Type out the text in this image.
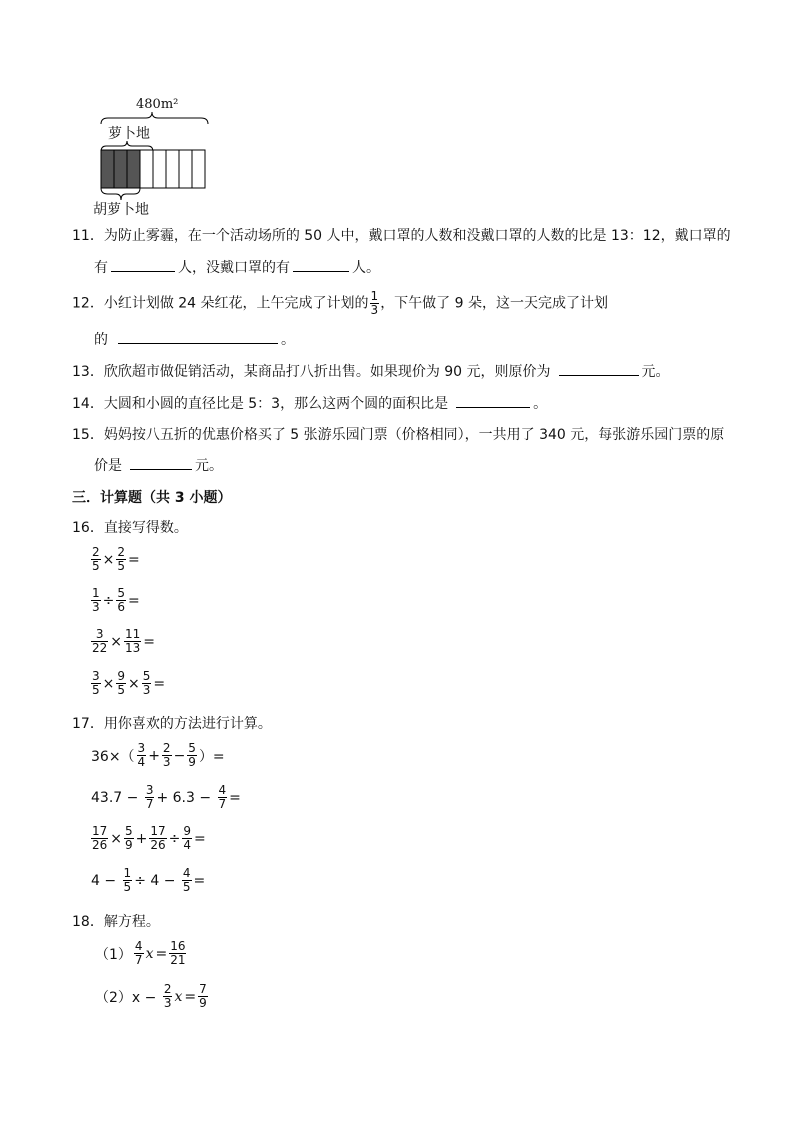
480m²
萝卜地
胡萝卜地
11．为防止雾霾，在一个活动场所的 50 人中，戴口罩的人数和没戴口罩的人数的比是 13：12，戴口罩的
有	人，没戴口罩的有	人。
12．小红计划做 24 朵红花，上午完成了计划的 $\frac{1}{3}$ ，下午做了 9 朵，这一天完成了计划
的	。
13．欣欣超市做促销活动，某商品打八折出售。如果现价为 90 元，则原价为	元。
14．大圆和小圆的直径比是 5：3，那么这两个圆的面积比是	。
15．妈妈按八五折的优惠价格买了 5 张游乐园门票（价格相同），一共用了 340 元，每张游乐园门票的原
价是	元。
三．计算题（共 3 小题）
16．直接写得数。
$\frac{2}{5} \times \frac{2}{5}$ =
$\frac{1}{3} \div \frac{5}{6}$ =
$\frac{3}{22} \times \frac{11}{13}$ =
$\frac{3}{5} \times \frac{9}{5} \times \frac{5}{3}$ =
17．用你喜欢的方法进行计算。
$36\times( \frac{3}{4} + \frac{2}{3} - \frac{5}{9}$ ）=
$43.7 - \frac{3}{7} + 6.3 - \frac{4}{7}$ =
$\frac{17}{26} \times \frac{5}{9} + \frac{17}{26} \div \frac{9}{4}$ =
$4 - \frac{1}{5} \div 4 - \frac{4}{5}$ =
18．解方程。
$(1) \frac{4}{7}$ $x = \frac{16}{21}$
$(2)x - \frac{2}{3}$ $x = \frac{7}{9}$
